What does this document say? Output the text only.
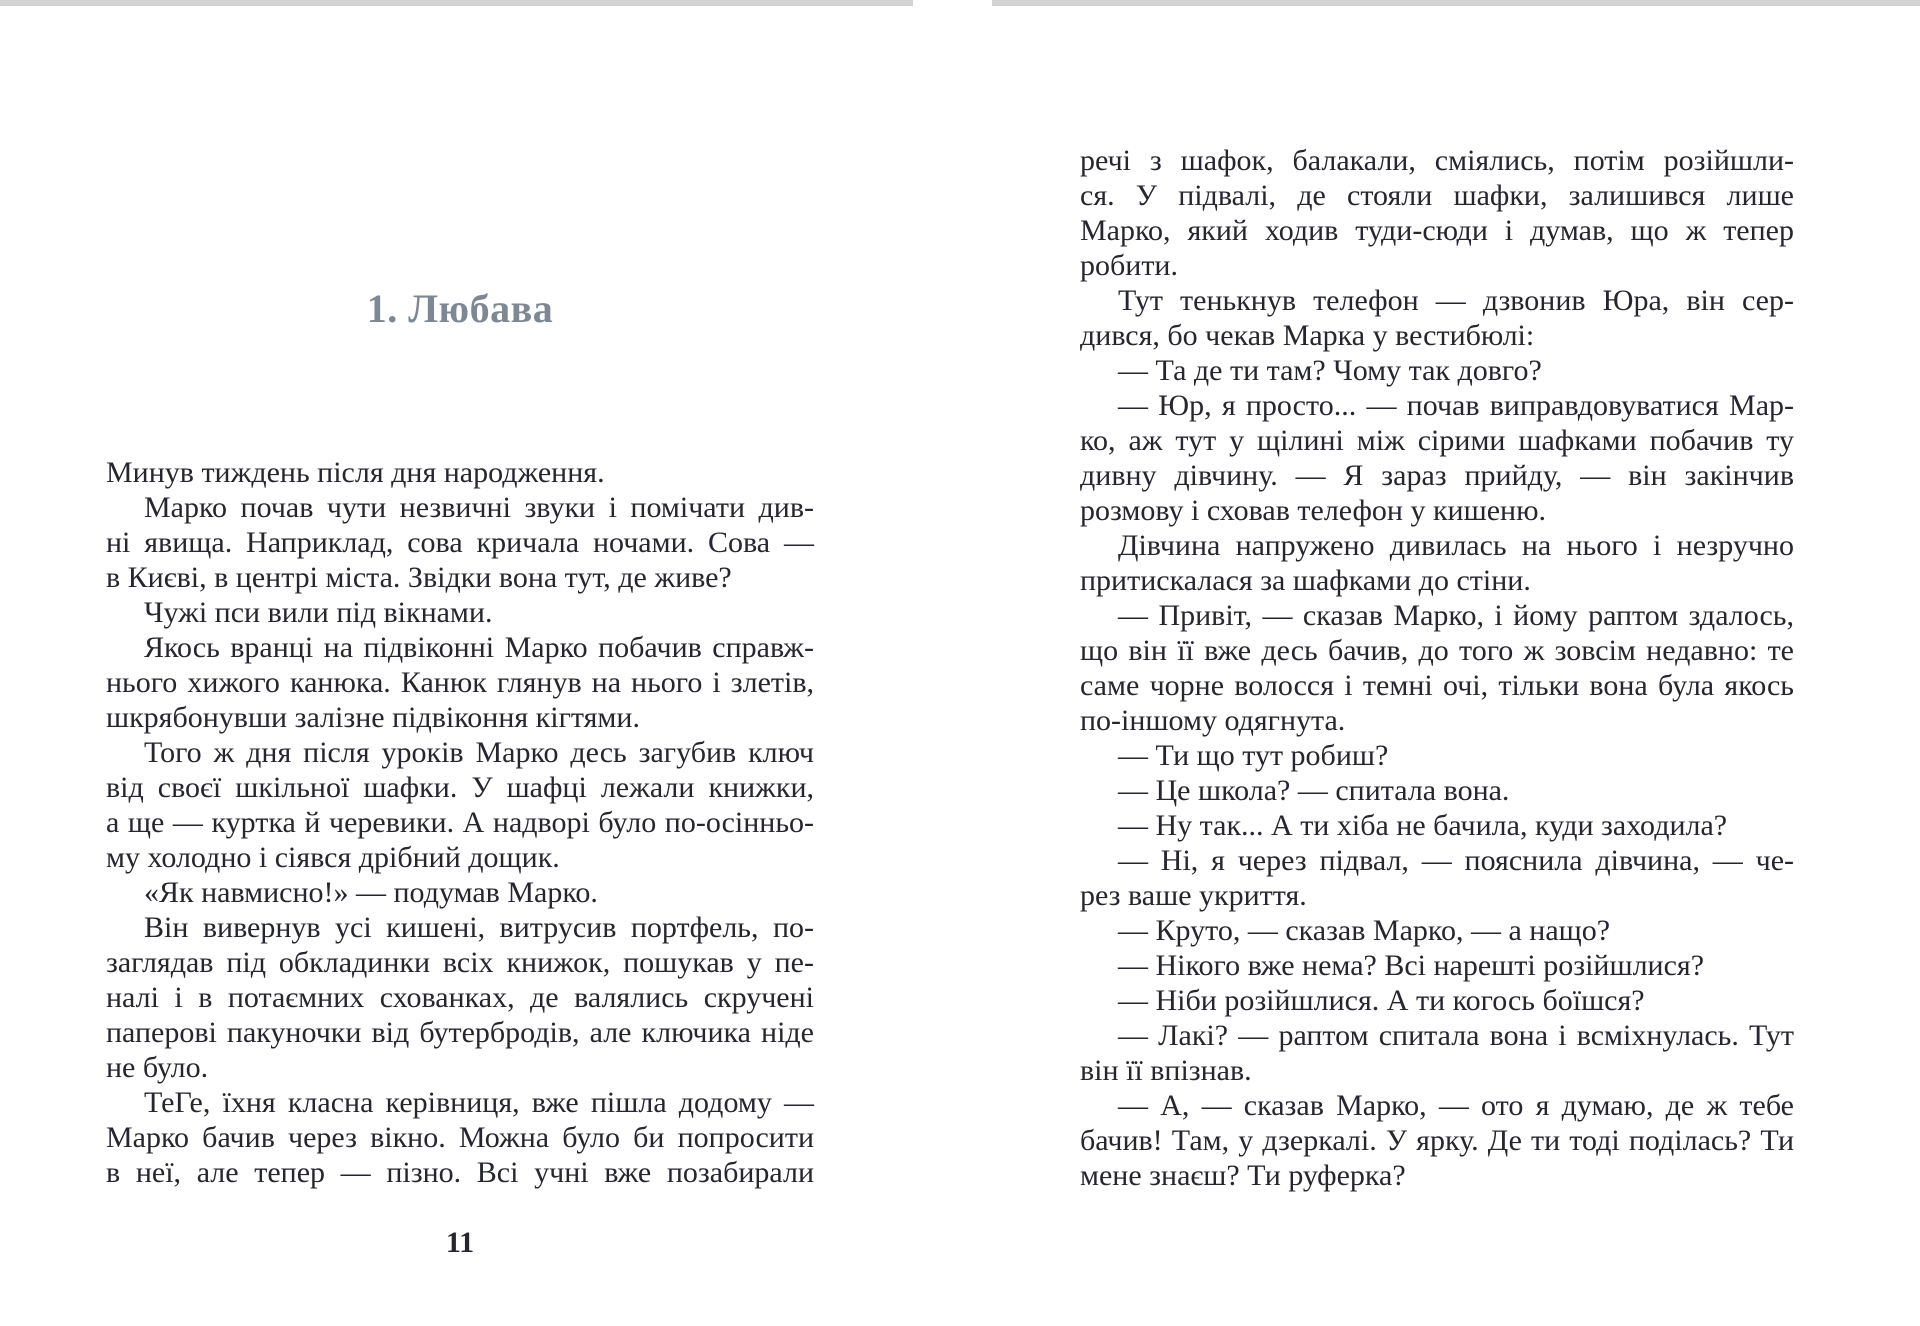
1. Любава
Минув тиждень після дня народження.
Марко почав чути незвичні звуки і помічати див-
ні явища. Наприклад, сова кричала ночами. Сова —
в Києві, в центрі міста. Звідки вона тут, де живе?
Чужі пси вили під вікнами.
Якось вранці на підвіконні Марко побачив справж-
нього хижого канюка. Канюк глянув на нього і злетів,
шкрябонувши залізне підвіконня кігтями.
Того ж дня після уроків Марко десь загубив ключ
від своєї шкільної шафки. У шафці лежали книжки,
а ще — куртка й черевики. А надворі було по-осінньо-
му холодно і сіявся дрібний дощик.
«Як навмисно!» — подумав Марко.
Він вивернув усі кишені, витрусив портфель, по-
заглядав під обкладинки всіх книжок, пошукав у пе-
налі і в потаємних схованках, де валялись скручені
паперові пакуночки від бутербродів, але ключика ніде
не було.
ТеГе, їхня класна керівниця, вже пішла додому —
Марко бачив через вікно. Можна було би попросити
в неї, але тепер — пізно. Всі учні вже позабирали
речі з шафок, балакали, сміялись, потім розійшли-
ся. У підвалі, де стояли шафки, залишився лише
Марко, який ходив туди-сюди і думав, що ж тепер
робити.
Тут тенькнув телефон — дзвонив Юра, він сер-
дився, бо чекав Марка у вестибюлі:
— Та де ти там? Чому так довго?
— Юр, я просто... — почав виправдовуватися Мар-
ко, аж тут у щілині між сірими шафками побачив ту
дивну дівчину. — Я зараз прийду, — він закінчив
розмову і сховав телефон у кишеню.
Дівчина напружено дивилась на нього і незручно
притискалася за шафками до стіни.
— Привіт, — сказав Марко, і йому раптом здалось,
що він її вже десь бачив, до того ж зовсім недавно: те
саме чорне волосся і темні очі, тільки вона була якось
по-іншому одягнута.
— Ти що тут робиш?
— Це школа? — спитала вона.
— Ну так... А ти хіба не бачила, куди заходила?
— Ні, я через підвал, — пояснила дівчина, — че-
рез ваше укриття.
— Круто, — сказав Марко, — а нащо?
— Нікого вже нема? Всі нарешті розійшлися?
— Ніби розійшлися. А ти когось боїшся?
— Лакі? — раптом спитала вона і всміхнулась. Тут
він її впізнав.
— А, — сказав Марко, — ото я думаю, де ж тебе
бачив! Там, у дзеркалі. У ярку. Де ти тоді поділась? Ти
мене знаєш? Ти руферка?
11
